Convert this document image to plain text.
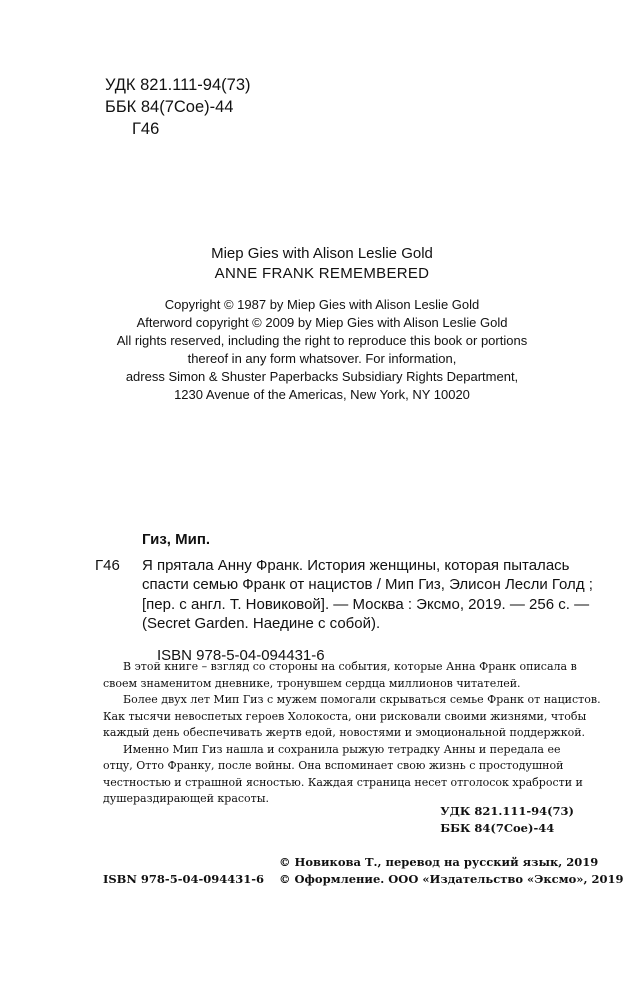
УДК 821.111-94(73)
ББК 84(7Сое)-44
Г46
Miep Gies with Alison Leslie Gold
ANNE FRANK REMEMBERED
Copyright © 1987 by Miep Gies with Alison Leslie Gold
Afterword copyright © 2009 by Miep Gies with Alison Leslie Gold
All rights reserved, including the right to reproduce this book or portions
thereof in any form whatsover. For information,
adress Simon & Shuster Paperbacks Subsidiary Rights Department,
1230 Avenue of the Americas, New York, NY 10020
Гиз, Мип.
Г46 Я прятала Анну Франк. История женщины, которая пыталась
спасти семью Франк от нацистов / Мип Гиз, Элисон Лесли Голд ;
[пер. с англ. Т. Новиковой]. — Москва : Эксмо, 2019. — 256 с. —
(Secret Garden. Наедине с собой).
ISBN 978-5-04-094431-6
В этой книге – взгляд со стороны на события, которые Анна Франк описала в
своем знаменитом дневнике, тронувшем сердца миллионов читателей.
Более двух лет Мип Гиз с мужем помогали скрываться семье Франк от нацистов.
Как тысячи невоспетых героев Холокоста, они рисковали своими жизнями, чтобы
каждый день обеспечивать жертв едой, новостями и эмоциональной поддержкой.
Именно Мип Гиз нашла и сохранила рыжую тетрадку Анны и передала ее
отцу, Отто Франку, после войны. Она вспоминает свою жизнь с простодушной
честностью и страшной ясностью. Каждая страница несет отголосок храбрости и
душераздирающей красоты.
УДК 821.111-94(73)
ББК 84(7Сое)-44
© Новикова Т., перевод на русский язык, 2019
© Оформление. ООО «Издательство «Эксмо», 2019
ISBN 978-5-04-094431-6
